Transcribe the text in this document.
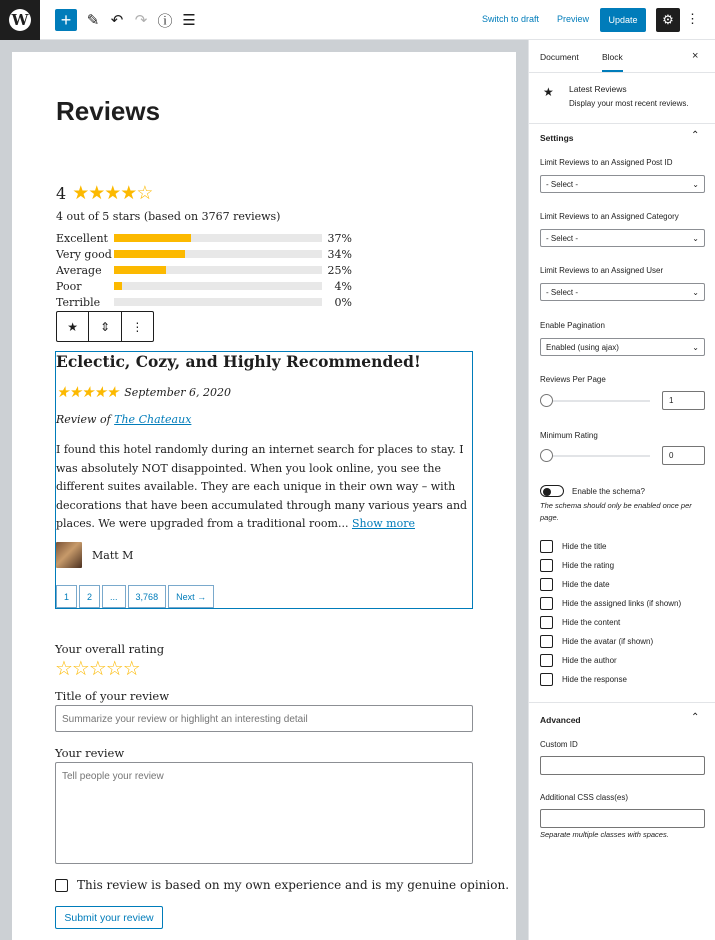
W	+	✎ ↶ ↷ ⓘ ☰	Switch to draft Preview	Update	⚙ ⋮
Reviews
4 ★★★★☆
4 out of 5 stars (based on 3767 reviews)
Excellent	37%
Very good	34%
Average	25%
Poor	4%
Terrible	0%
★	⇕	⋮
Eclectic, Cozy, and Highly Recommended!
★★★★★ September 6, 2020
Review of The Chateaux
I found this hotel randomly during an internet search for places to stay. I was absolutely NOT disappointed. When you look online, you see the different suites available. They are each unique in their own way – with decorations that have been accumulated through many various years and places. We were upgraded from a traditional room... Show more
Matt M
1	2	...	3,768	Next →
Your overall rating
☆☆☆☆☆
Title of your review
Summarize your review or highlight an interesting detail
Your review
Tell people your review
This review is based on my own experience and is my genuine opinion.
Submit your review
Document	Block	×
★ Latest Reviews
Display your most recent reviews.
Settings	⌃
Limit Reviews to an Assigned Post ID
- Select -	⌄
Limit Reviews to an Assigned Category
- Select -	⌄
Limit Reviews to an Assigned User
- Select -	⌄
Enable Pagination
Enabled (using ajax)	⌄
Reviews Per Page
1
Minimum Rating
0
Enable the schema?
The schema should only be enabled once per page.
Hide the title
Hide the rating
Hide the date
Hide the assigned links (if shown)
Hide the content
Hide the avatar (if shown)
Hide the author
Hide the response
Advanced	⌃
Custom ID
Additional CSS class(es)
Separate multiple classes with spaces.
